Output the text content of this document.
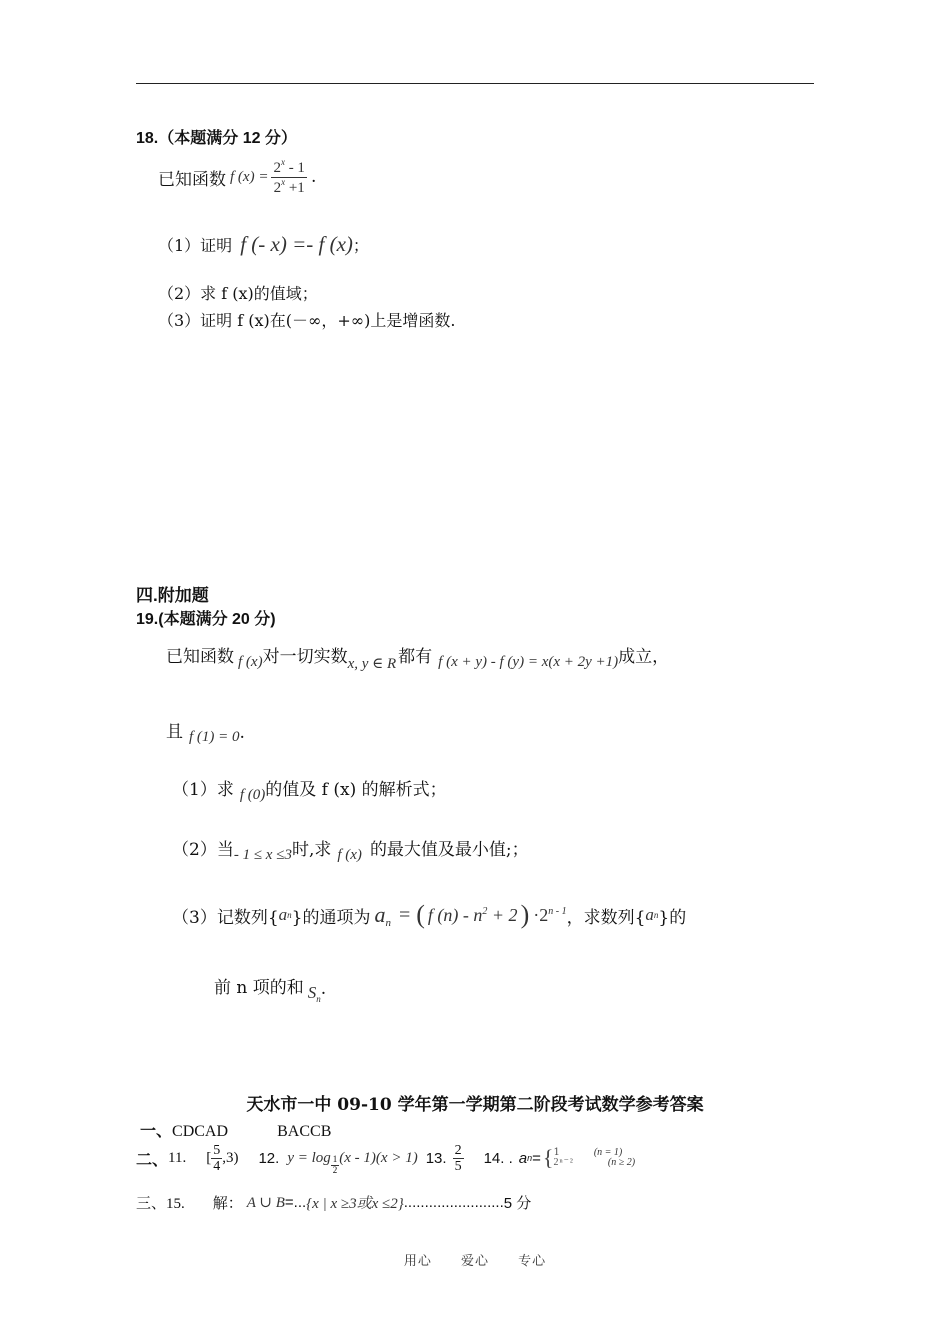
18.（本题满分 12 分）
已知函数 f $(x) = \frac{2^x - 1}{2^x +1}$ .
（1）证明 f (- x) =- f (x) ；
（2）求 f (x)的值域；
（3）证明 f (x)在(－∞，+∞)上是增函数.
四.附加题
19.(本题满分 20 分)
已知函数 f (x) 对一切实数 x, y ∈ R 都有 f (x + y) - f (y) = x(x + 2y +1) 成立，
且 f (1) = 0 .
（1）求 f (0) 的值及 f (x) 的解析式；
（2）当 - 1 ≤ x ≤3 时,求 f (x) 的最大值及最小值;；
（3）记数列{ a n }的通项为 $a_n$ = ( f $(n) - n^2 + 2$ ) $\cdot 2^{n - 1}$ ，求数列{ a n }的
前 n 项的和 $S_n$ .
天水市一中 09-10 学年第一学期第二阶段考试数学参考答案
一、CDCAD	BACCB
二、 11. [ $\frac{5}{4} ,3$) 12. $y = \log \frac{1}{2} (x - 1)(x > 1)$ 13. $\frac{2}{5} 14$. . a n = { 1	(n = 1)
2ⁿ⁻²	(n ≥ 2)
三、15. 解： A ∪ B =... {x | x ≥3或x ≤2} ........................ 5 分
用心 爱心 专心
